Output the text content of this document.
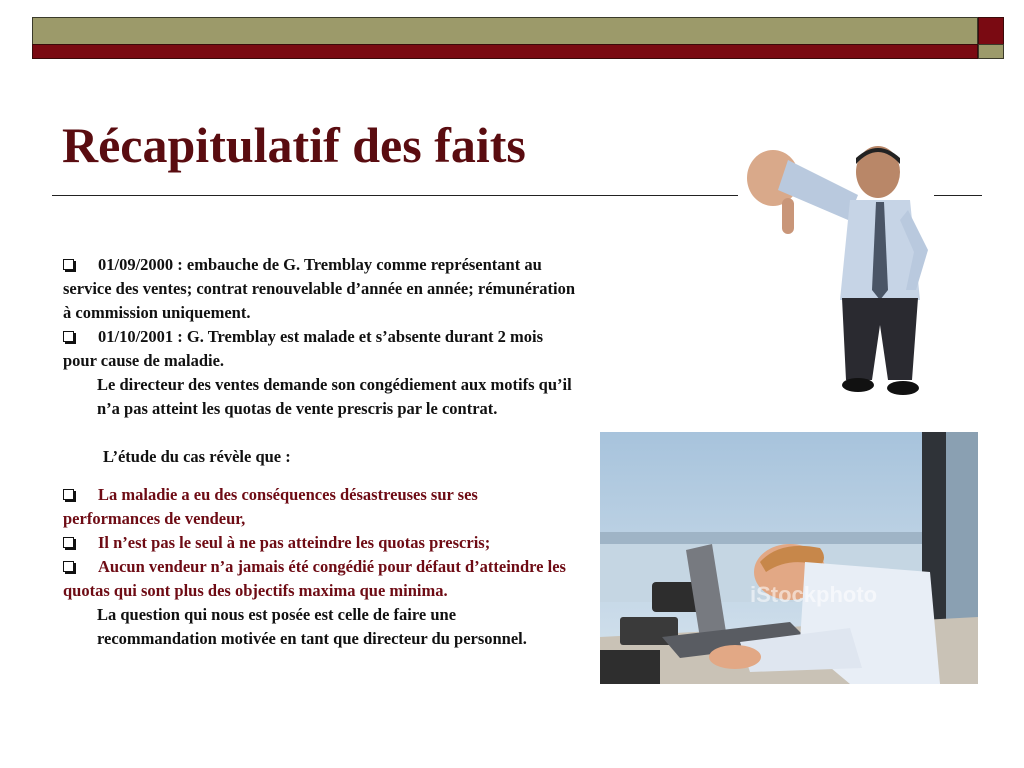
Récapitulatif des faits
iStockphoto

01/09/2000 : embauche de G. Tremblay comme représentant au service des ventes; contrat renouvelable d’année en année; rémunération à commission uniquement.

01/10/2001 : G. Tremblay est malade et s’absente durant 2 mois pour cause de maladie.

Le directeur des ventes demande son congédiement aux motifs qu’il n’a pas atteint les quotas de vente prescris par le contrat.

L’étude du cas révèle que :

La maladie a eu des conséquences désastreuses sur ses performances de vendeur,

Il n’est pas le seul à ne pas atteindre les quotas prescris;

Aucun vendeur n’a jamais été congédié pour défaut d’atteindre les quotas qui sont plus des objectifs maxima que minima.

La question qui nous est posée est celle de faire une recommandation motivée en tant que directeur du personnel.
